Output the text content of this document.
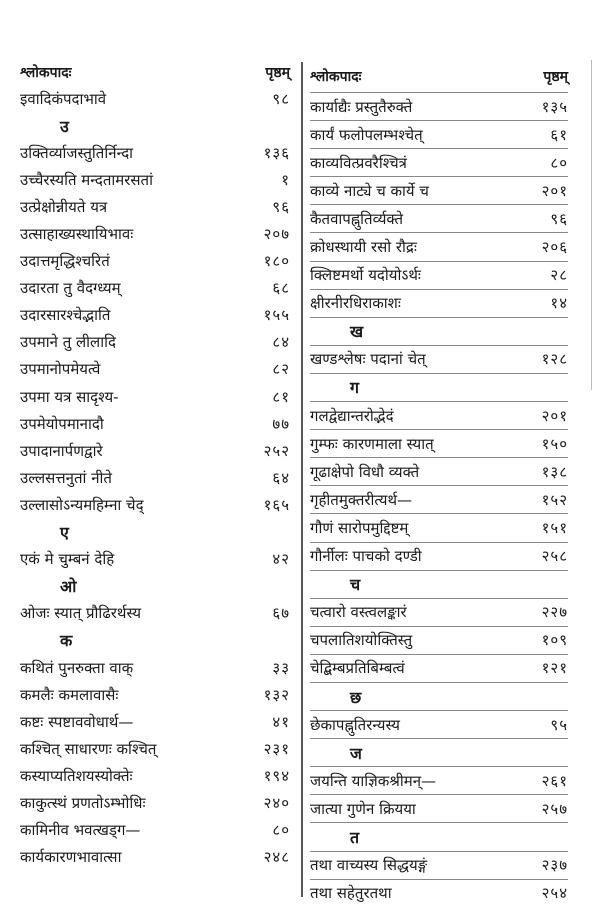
श्लोकपादः	पृष्ठम्
इवादिकंपदाभावे	९८
उ
उक्तिर्व्याजस्तुतिर्निन्दा	१३६
उच्चैरस्यति मन्दतामरसतां	१
उत्प्रेक्षोन्नीयते यत्र	९६
उत्साहाख्यस्थायिभावः	२०७
उदात्तमृद्धिश्चरितं	१८०
उदारता तु वैदग्ध्यम्	६८
उदारसारश्चेद्भाति	१५५
उपमाने तु लीलादि	८४
उपमानोपमेयत्वे	८२
उपमा यत्र सादृश्य-	८१
उपमेयोपमानादौ	७७
उपादानार्पणद्वारे	२५२
उल्लसत्तनुतां नीते	६४
उल्लासोऽन्यमहिम्ना चेद्	१६५
ए
एकं मे चुम्बनं देहि	४२
ओ
ओजः स्यात् प्रौढिरर्थस्य	६७
क
कथितं पुनरुक्ता वाक्	३३
कमलैः कमलावासैः	१३२
कष्टः स्पष्टाववोधार्थ—	४१
कश्चित् साधारणः कश्चित्	२३१
कस्याप्यतिशयस्योक्तेः	१९४
काकुत्स्थं प्रणतोऽम्भोधिः	२४०
कामिनीव भवत्खड्ग—	८०
कार्यकारणभावात्सा	२४८
श्लोकपादः	पृष्ठम्
कार्याद्यैः प्रस्तुतैरुक्ते	१३५
कार्यं फलोपलम्भश्चेत्	६१
काव्यवित्प्रवरैश्चित्रं	८०
काव्ये नाट्ये च कार्ये च	२०१
कैतवापह्नुतिर्व्यक्ते	९६
क्रोधस्थायी रसो रौद्रः	२०६
क्लिष्टमर्थो यदोयोऽर्थः	२८
क्षीरनीरधिराकाशः	१४
ख
खण्डश्लेषः पदानां चेत्	१२८
ग
गलद्वेद्यान्तरोद्भेदं	२०१
गुम्फः कारणमाला स्यात्	१५०
गूढाक्षेपो विधौ व्यक्ते	१३८
गृहीतमुक्तरीत्यर्थ—	१५२
गौणं सारोपमुद्दिष्टम्	१५१
गौर्नीलः पाचको दण्डी	२५८
च
चत्वारो वस्त्वलङ्कारं	२२७
चपलातिशयोक्तिस्तु	१०९
चेद्बिम्बप्रतिबिम्बत्वं	१२१
छ
छेकापह्नुतिरन्यस्य	९५
ज
जयन्ति याज्ञिकश्रीमन्—	२६१
जात्या गुणेन क्रियया	२५७
त
तथा वाच्यस्य सिद्धयङ्गं	२३७
तथा सहेतुरतथा	२५४
